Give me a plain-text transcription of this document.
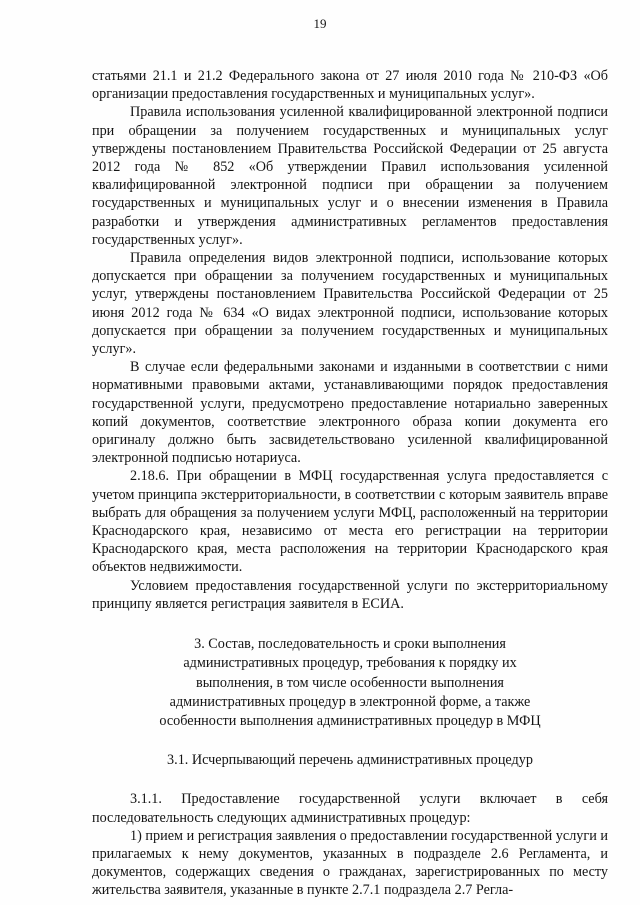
19

статьями 21.1 и 21.2 Федерального закона от 27 июля 2010 года № 210-ФЗ «Об организации предоставления государственных и муниципальных услуг».

Правила использования усиленной квалифицированной электронной подписи при обращении за получением государственных и муниципальных услуг утверждены постановлением Правительства Российской Федерации от 25 августа 2012 года № 852 «Об утверждении Правил использования усиленной квалифицированной электронной подписи при обращении за получением государственных и муниципальных услуг и о внесении изменения в Правила разработки и утверждения административных регламентов предоставления государственных услуг».

Правила определения видов электронной подписи, использование которых допускается при обращении за получением государственных и муниципальных услуг, утверждены постановлением Правительства Российской Федерации от 25 июня 2012 года № 634 «О видах электронной подписи, использование которых допускается при обращении за получением государственных и муниципальных услуг».

В случае если федеральными законами и изданными в соответствии с ними нормативными правовыми актами, устанавливающими порядок предоставления государственной услуги, предусмотрено предоставление нотариально заверенных копий документов, соответствие электронного образа копии документа его оригиналу должно быть засвидетельствовано усиленной квалифицированной электронной подписью нотариуса.

2.18.6. При обращении в МФЦ государственная услуга предоставляется с учетом принципа экстерриториальности, в соответствии с которым заявитель вправе выбрать для обращения за получением услуги МФЦ, расположенный на территории Краснодарского края, независимо от места его регистрации на территории Краснодарского края, места расположения на территории Краснодарского края объектов недвижимости.

Условием предоставления государственной услуги по экстерриториальному принципу является регистрация заявителя в ЕСИА.

3. Состав, последовательность и сроки выполнения
административных процедур, требования к порядку их
выполнения, в том числе особенности выполнения
административных процедур в электронной форме, а также
особенности выполнения административных процедур в МФЦ
3.1. Исчерпывающий перечень административных процедур

3.1.1. Предоставление государственной услуги включает в себя последовательность следующих административных процедур:

1) прием и регистрация заявления о предоставлении государственной услуги и прилагаемых к нему документов, указанных в подразделе 2.6 Регламента, и документов, содержащих сведения о гражданах, зарегистрированных по месту жительства заявителя, указанные в пункте 2.7.1 подраздела 2.7 Регла-
